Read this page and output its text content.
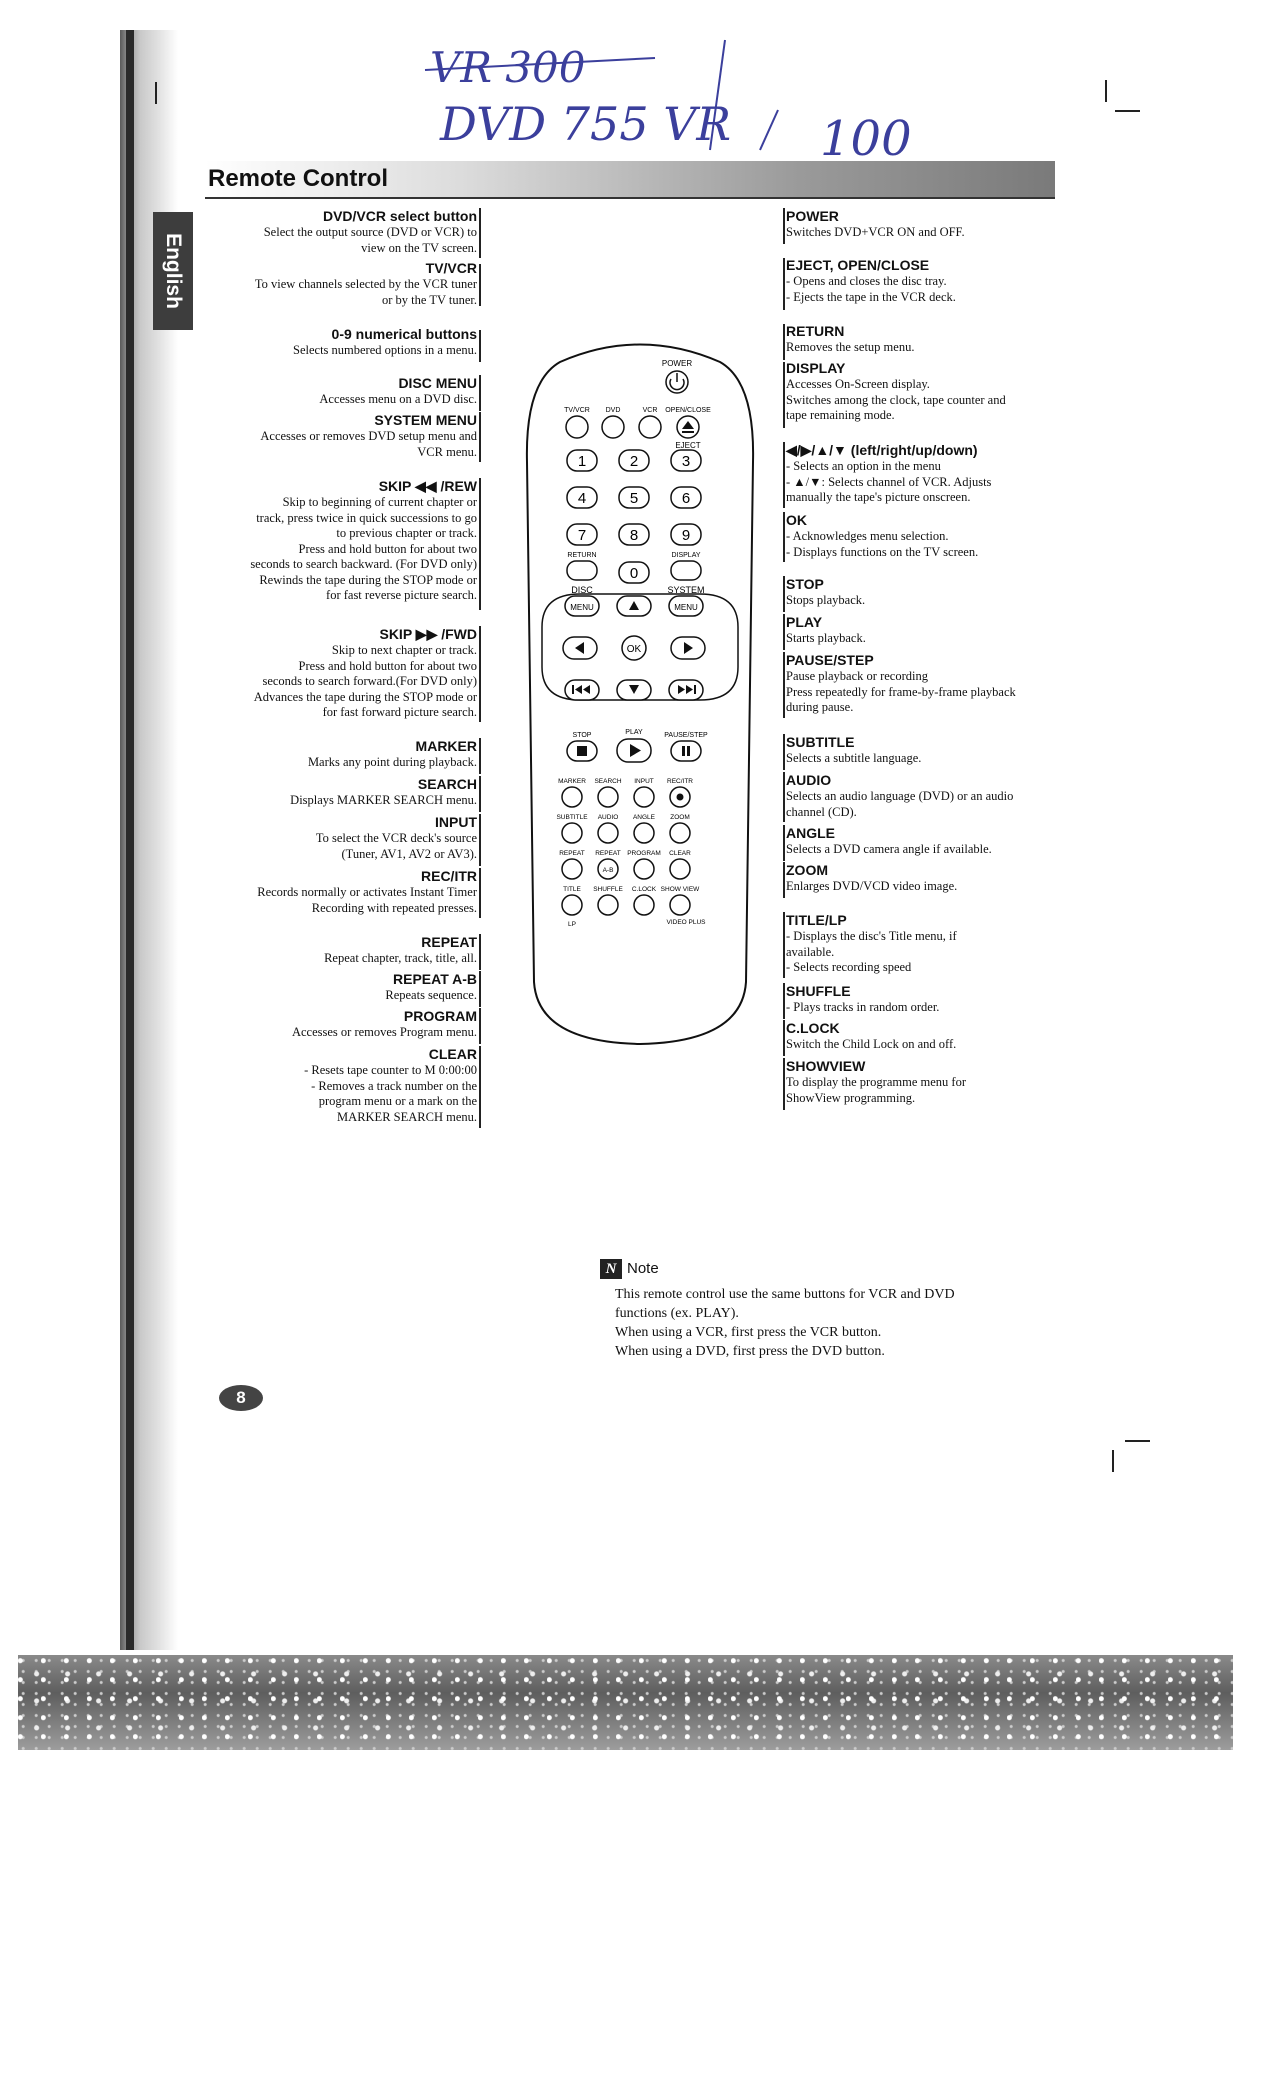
VR 300
DVD 755 VR 100
Remote Control
English
DVD/VCR select button
Select the output source (DVD or VCR) to
view on the TV screen.
TV/VCR
To view channels selected by the VCR tuner
or by the TV tuner.
0-9 numerical buttons
Selects numbered options in a menu.
DISC MENU
Accesses menu on a DVD disc.
SYSTEM MENU
Accesses or removes DVD setup menu and
VCR menu.
SKIP ◀◀ /REW
Skip to beginning of current chapter or
track, press twice in quick successions to go
to previous chapter or track.
Press and hold button for about two
seconds to search backward. (For DVD only)
Rewinds the tape during the STOP mode or
for fast reverse picture search.
SKIP ▶▶ /FWD
Skip to next chapter or track.
Press and hold button for about two
seconds to search forward.(For DVD only)
Advances the tape during the STOP mode or
for fast forward picture search.
MARKER
Marks any point during playback.
SEARCH
Displays MARKER SEARCH menu.
INPUT
To select the VCR deck's source
(Tuner, AV1, AV2 or AV3).
REC/ITR
Records normally or activates Instant Timer
Recording with repeated presses.
REPEAT
Repeat chapter, track, title, all.
REPEAT A-B
Repeats sequence.
PROGRAM
Accesses or removes Program menu.
CLEAR
- Resets tape counter to M 0:00:00
- Removes a track number on the
program menu or a mark on the
MARKER SEARCH menu.
POWER
Switches DVD+VCR ON and OFF.
EJECT, OPEN/CLOSE
- Opens and closes the disc tray.
- Ejects the tape in the VCR deck.
RETURN
Removes the setup menu.
DISPLAY
Accesses On-Screen display.
Switches among the clock, tape counter and
tape remaining mode.
◀/▶/▲/▼ (left/right/up/down)
- Selects an option in the menu
- ▲/▼: Selects channel of VCR. Adjusts
manually the tape's picture onscreen.
OK
- Acknowledges menu selection.
- Displays functions on the TV screen.
STOP
Stops playback.
PLAY
Starts playback.
PAUSE/STEP
Pause playback or recording
Press repeatedly for frame-by-frame playback
during pause.
SUBTITLE
Selects a subtitle language.
AUDIO
Selects an audio language (DVD) or an audio
channel (CD).
ANGLE
Selects a DVD camera angle if available.
ZOOM
Enlarges DVD/VCD video image.
TITLE/LP
- Displays the disc's Title menu, if
available.
- Selects recording speed
SHUFFLE
- Plays tracks in random order.
C.LOCK
Switch the Child Lock on and off.
SHOWVIEW
To display the programme menu for
ShowView programming.
POWER
TV/VCR DVD	VCR OPEN/CLOSE
EJECT
1	2	3
4	5	6
7	8	9
RETURN	DISPLAY
0
DISC	SYSTEM
MENU	MENU
OK
STOP	PLAY	PAUSE/STEP
MARKER SEARCH INPUT REC/ITR
SUBTITLE AUDIO ANGLE ZOOM
REPEAT REPEAT PROGRAM CLEAR
A-B
TITLE SHUFFLE C.LOCK SHOW VIEW
LP	VIDEO PLUS
8
N Note

This remote control use the same buttons for VCR and DVD

functions (ex. PLAY).

When using a VCR, first press the VCR button.

When using a DVD, first press the DVD button.
